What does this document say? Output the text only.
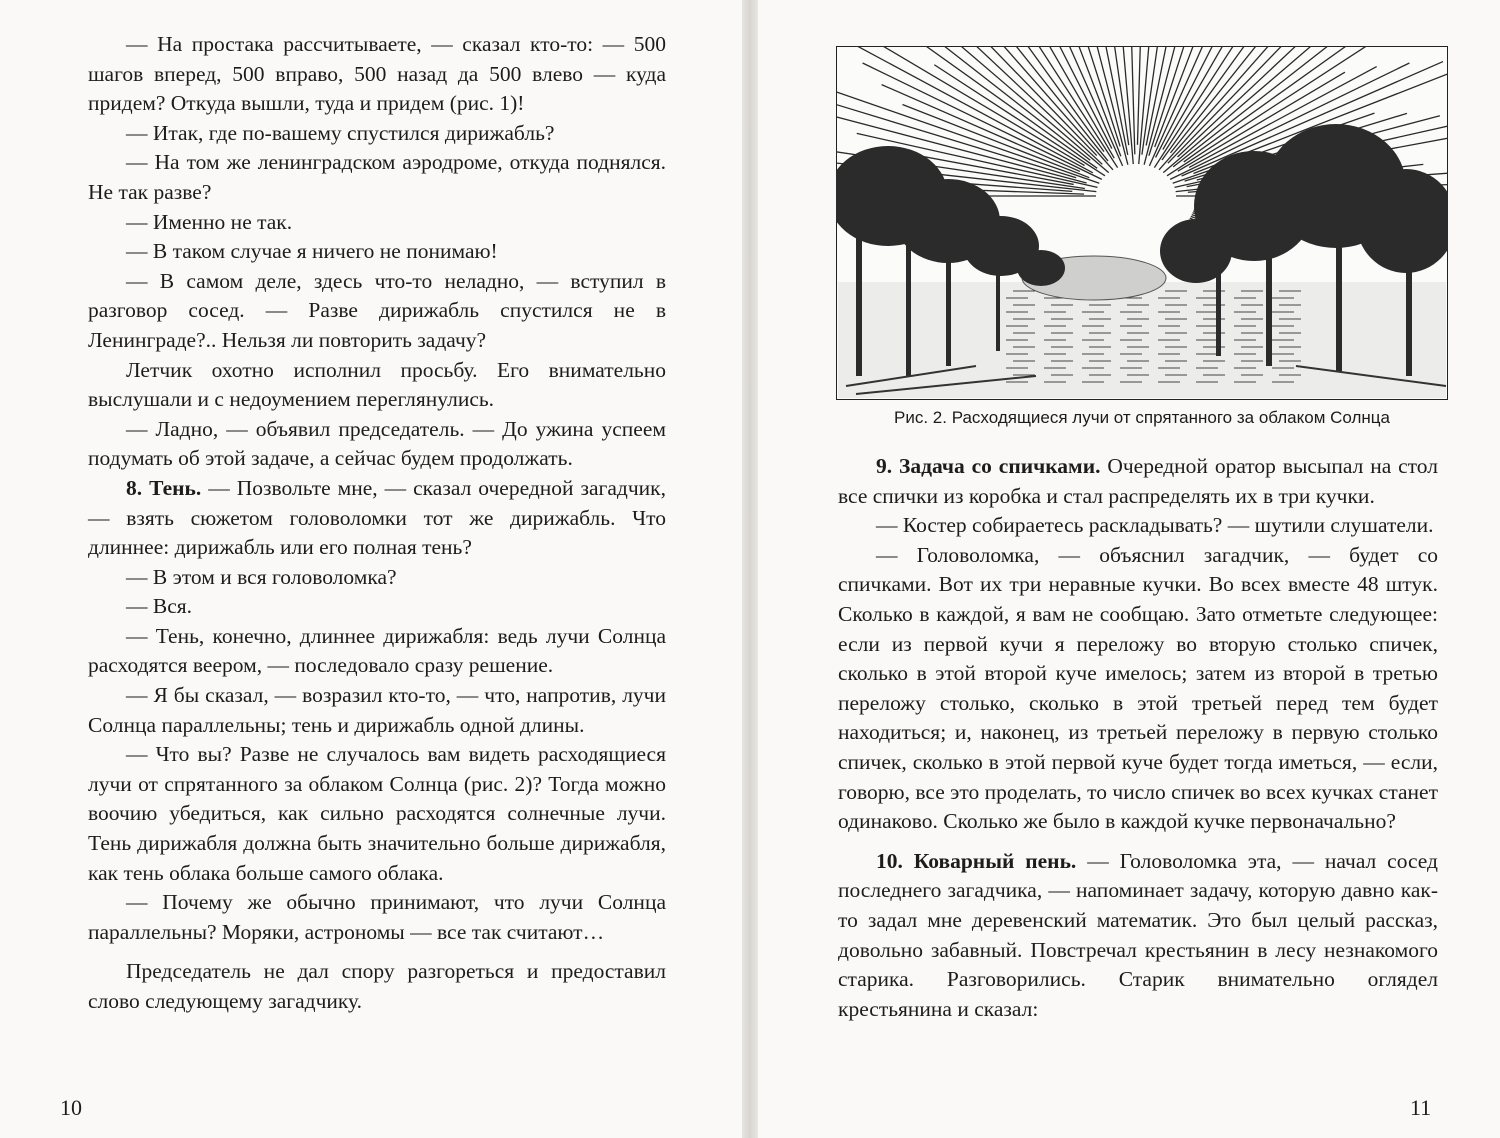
— На простака рассчитываете, — сказал кто-то: — 500 шагов вперед, 500 вправо, 500 назад да 500 влево — куда придем? Откуда вышли, туда и придем (рис. 1)!

— Итак, где по-вашему спустился дирижабль?

— На том же ленинградском аэродроме, откуда поднялся. Не так разве?

— Именно не так.

— В таком случае я ничего не понимаю!

— В самом деле, здесь что-то неладно, — вступил в разговор сосед. — Разве дирижабль спустился не в Ленинграде?.. Нельзя ли повторить задачу?

Летчик охотно исполнил просьбу. Его внимательно выслушали и с недоумением переглянулись.

— Ладно, — объявил председатель. — До ужина успеем подумать об этой задаче, а сейчас будем продолжать.

8. Тень. — Позвольте мне, — сказал очередной загадчик, — взять сюжетом головоломки тот же дирижабль. Что длиннее: дирижабль или его полная тень?

— В этом и вся головоломка?

— Вся.

— Тень, конечно, длиннее дирижабля: ведь лучи Солнца расходятся веером, — последовало сразу решение.

— Я бы сказал, — возразил кто-то, — что, напротив, лучи Солнца параллельны; тень и дирижабль одной длины.

— Что вы? Разве не случалось вам видеть расходящиеся лучи от спрятанного за облаком Солнца (рис. 2)? Тогда можно воочию убедиться, как сильно расходятся солнечные лучи. Тень дирижабля должна быть значительно больше дирижабля, как тень облака больше самого облака.

— Почему же обычно принимают, что лучи Солнца параллельны? Моряки, астрономы — все так считают…

Председатель не дал спору разгореться и предоставил слово следующему загадчику.

10
Рис. 2. Расходящиеся лучи от спрятанного за облаком Солнца

9. Задача со спичками. Очередной оратор высыпал на стол все спички из коробка и стал распределять их в три кучки.

— Костер собираетесь раскладывать? — шутили слушатели.

— Головоломка, — объяснил загадчик, — будет со спичками. Вот их три неравные кучки. Во всех вместе 48 штук. Сколько в каждой, я вам не сообщаю. Зато отметьте следующее: если из первой кучи я переложу во вторую столько спичек, сколько в этой второй куче имелось; затем из второй в третью переложу столько, сколько в этой третьей перед тем будет находиться; и, наконец, из третьей переложу в первую столько спичек, сколько в этой первой куче будет тогда иметься, — если, говорю, все это проделать, то число спичек во всех кучках станет одинаково. Сколько же было в каждой кучке первоначально?

10. Коварный пень. — Головоломка эта, — начал сосед последнего загадчика, — напоминает задачу, которую давно как-то задал мне деревенский математик. Это был целый рассказ, довольно забавный. Повстречал крестьянин в лесу незнакомого старика. Разговорились. Старик внимательно оглядел крестьянина и сказал:

11
